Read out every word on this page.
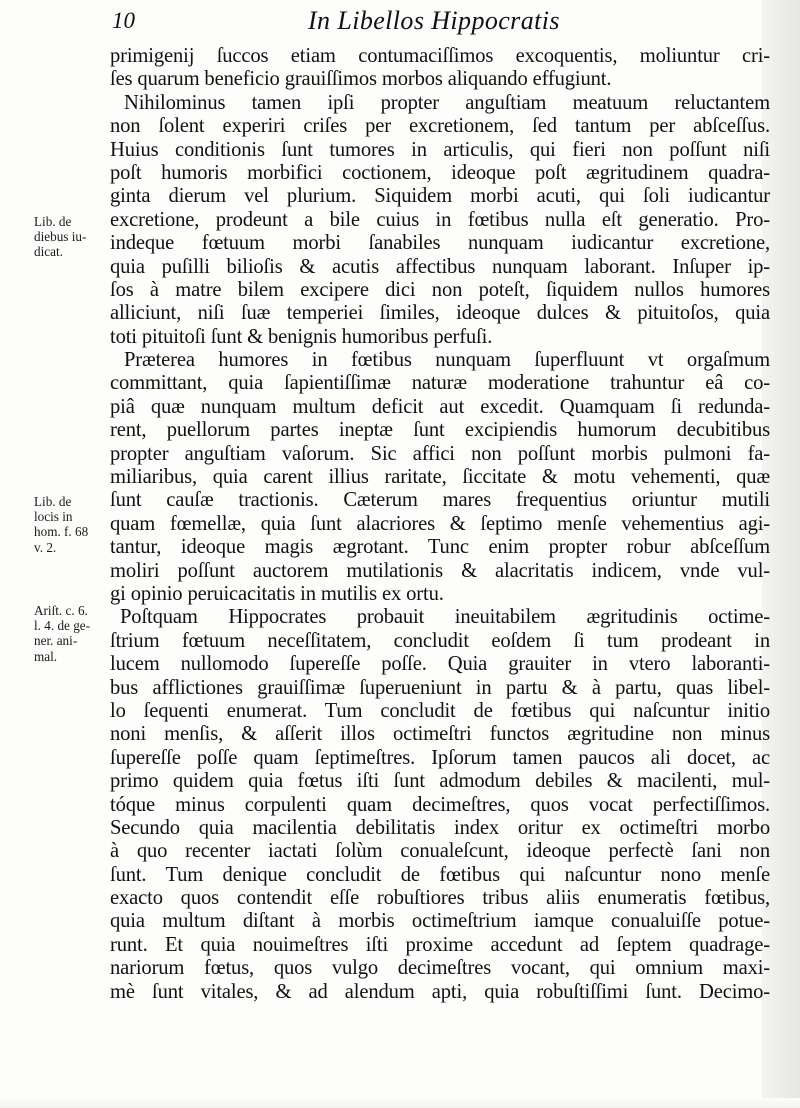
10	In Libellos Hippocratis
primigenij ſuccos etiam contumaciſſimos excoquentis, moliuntur cri-
ſes quarum beneficio grauiſſimos morbos aliquando effugiunt.
Nihilominus tamen ipſi propter anguſtiam meatuum reluctantem
non ſolent experiri criſes per excretionem, ſed tantum per abſceſſus.
Huius conditionis ſunt tumores in articulis, qui fieri non poſſunt niſi
poſt humoris morbifici coctionem, ideoque poſt ægritudinem quadra-
ginta dierum vel plurium. Siquidem morbi acuti, qui ſoli iudicantur
excretione, prodeunt a bile cuius in fœtibus nulla eſt generatio. Pro-
indeque fœtuum morbi ſanabiles nunquam iudicantur excretione,
quia puſilli bilioſis & acutis affectibus nunquam laborant. Inſuper ip-
ſos à matre bilem excipere dici non poteſt, ſiquidem nullos humores
alliciunt, niſi ſuæ temperiei ſimiles, ideoque dulces & pituitoſos, quia
toti pituitoſi ſunt & benignis humoribus perfuſi.
Præterea humores in fœtibus nunquam ſuperfluunt vt orgaſmum
committant, quia ſapientiſſimæ naturæ moderatione trahuntur eâ co-
piâ quæ nunquam multum deficit aut excedit. Quamquam ſi redunda-
rent, puellorum partes ineptæ ſunt excipiendis humorum decubitibus
propter anguſtiam vaſorum. Sic affici non poſſunt morbis pulmoni fa-
miliaribus, quia carent illius raritate, ſiccitate & motu vehementi, quæ
ſunt cauſæ tractionis. Cæterum mares frequentius oriuntur mutili
quam fœmellæ, quia ſunt alacriores & ſeptimo menſe vehementius agi-
tantur, ideoque magis ægrotant. Tunc enim propter robur abſceſſum
moliri poſſunt auctorem mutilationis & alacritatis indicem, vnde vul-
gi opinio peruicacitatis in mutilis ex ortu.
Poſtquam Hippocrates probauit ineuitabilem ægritudinis octime-
ſtrium fœtuum neceſſitatem, concludit eoſdem ſi tum prodeant in
lucem nullomodo ſupereſſe poſſe. Quia grauiter in vtero laboranti-
bus afflictiones grauiſſimæ ſuperueniunt in partu & à partu, quas libel-
lo ſequenti enumerat. Tum concludit de fœtibus qui naſcuntur initio
noni menſis, & aſſerit illos octimeſtri functos ægritudine non minus
ſupereſſe poſſe quam ſeptimeſtres. Ipſorum tamen paucos ali docet, ac
primo quidem quia fœtus iſti ſunt admodum debiles & macilenti, mul-
tóque minus corpulenti quam decimeſtres, quos vocat perfectiſſimos.
Secundo quia macilentia debilitatis index oritur ex octimeſtri morbo
à quo recenter iactati ſolùm conualeſcunt, ideoque perfectè ſani non
ſunt. Tum denique concludit de fœtibus qui naſcuntur nono menſe
exacto quos contendit eſſe robuſtiores tribus aliis enumeratis fœtibus,
quia multum diſtant à morbis octimeſtrium iamque conualuiſſe potue-
runt. Et quia nouimeſtres iſti proxime accedunt ad ſeptem quadrage-
nariorum fœtus, quos vulgo decimeſtres vocant, qui omnium maxi-
mè ſunt vitales, & ad alendum apti, quia robuſtiſſimi ſunt. Decimo-
Lib. de
diebus iu-
dicat.
Lib. de
locis in
hom. f. 68
v. 2.
Ariſt. c. 6.
l. 4. de ge-
ner. ani-
mal.
